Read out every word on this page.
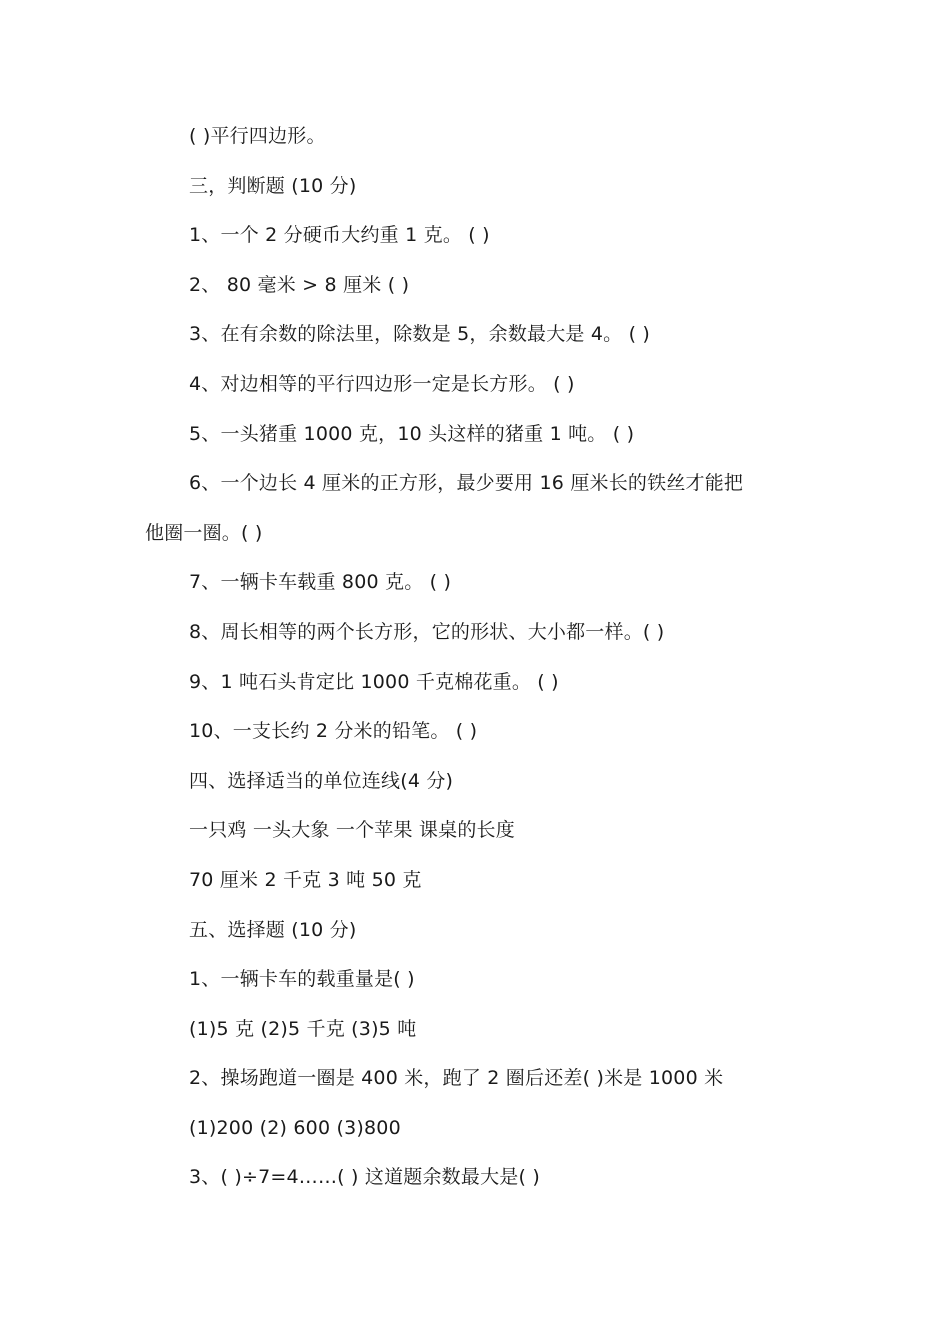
( )平行四边形。
三，判断题 (10 分)
1、一个 2 分硬币大约重 1 克。 ( )
2、 80 毫米 > 8 厘米 ( )
3、在有余数的除法里，除数是 5，余数最大是 4。 ( )
4、对边相等的平行四边形一定是长方形。 ( )
5、一头猪重 1000 克，10 头这样的猪重 1 吨。 ( )
6、一个边长 4 厘米的正方形，最少要用 16 厘米长的铁丝才能把
他圈一圈。( )
7、一辆卡车载重 800 克。 ( )
8、周长相等的两个长方形，它的形状、大小都一样。( )
9、1 吨石头肯定比 1000 千克棉花重。 ( )
10、一支长约 2 分米的铅笔。 ( )
四、选择适当的单位连线(4 分)
一只鸡 一头大象 一个苹果 课桌的长度
70 厘米 2 千克 3 吨 50 克
五、选择题 (10 分)
1、一辆卡车的载重量是( )
(1)5 克 (2)5 千克 (3)5 吨
2、操场跑道一圈是 400 米，跑了 2 圈后还差( )米是 1000 米
(1)200 (2) 600 (3)800
3、( )÷7=4……( ) 这道题余数最大是( )
